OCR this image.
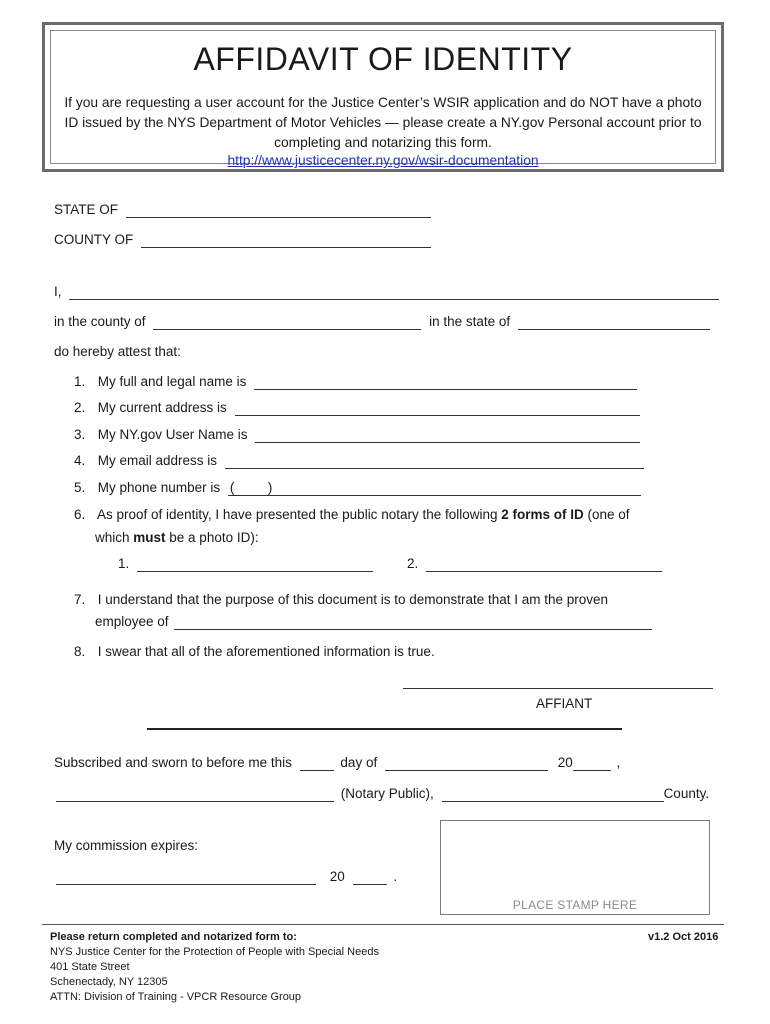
AFFIDAVIT OF IDENTITY
If you are requesting a user account for the Justice Center’s WSIR application and do NOT have a photo
ID issued by the NYS Department of Motor Vehicles — please create a NY.gov Personal account prior to
completing and notarizing this form.
http://www.justicecenter.ny.gov/wsir-documentation
STATE OF
COUNTY OF
I,
in the county of	in the state of
do hereby attest that:
1. My full and legal name is
2. My current address is
3. My NY.gov User Name is
4. My email address is
5. My phone number is ( )

6. As proof of identity, I have presented the public notary the following 2 forms of ID (one of
which must be a photo ID):
1.	2.
7. I understand that the purpose of this document is to demonstrate that I am the proven
employee of
8. I swear that all of the aforementioned information is true.
AFFIANT
Subscribed and sworn to before me this	day of	20	,
(Notary Public),	County.
My commission expires:
20	.
PLACE STAMP HERE
Please return completed and notarized form to:
NYS Justice Center for the Protection of People with Special Needs
401 State Street
Schenectady, NY 12305
ATTN: Division of Training - VPCR Resource Group
v1.2 Oct 2016
